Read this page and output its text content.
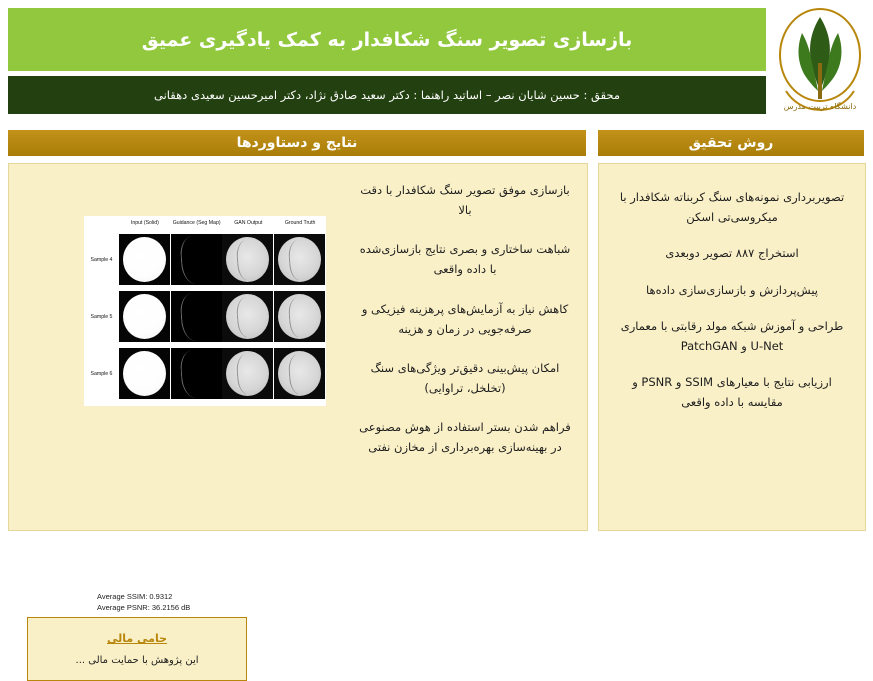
بازسازی تصویر سنگ شکافدار به کمک یادگیری عمیق
محقق : حسین شایان نصر – اساتید راهنما : دکتر سعید صادق نژاد، دکتر امیرحسین سعیدی دهقانی
دانشگاه تربیت مدرس
نتایج و دستاوردها	روش تحقیق
بازسازی موفق تصویر سنگ شکافدار با دقت بالا
شباهت ساختاری و بصری نتایج بازسازی‌شده با داده واقعی
کاهش نیاز به آزمایش‌های پرهزینه فیزیکی و صرفه‌جویی در زمان و هزینه
امکان پیش‌بینی دقیق‌تر ویژگی‌های سنگ (تخلخل، تراوایی)
فراهم شدن بستر استفاده از هوش مصنوعی در بهینه‌سازی بهره‌برداری از مخازن نفتی
Input (Solid)	Guidance (Seg Map)	GAN Output	Ground Truth
Sample 4
Sample 5
Sample 6
Average SSIM: 0.9312
Average PSNR: 36.2156 dB
حامی مالی
این پژوهش با حمایت مالی ...
تصویربرداری نمونه‌های سنگ کربناته شکافدار با میکروسی‌تی اسکن
استخراج ۸۸۷ تصویر دوبعدی
پیش‌پردازش و بازسازی‌سازی داده‌ها
طراحی و آموزش شبکه مولد رقابتی با معماری U-Net و PatchGAN
ارزیابی نتایج با معیارهای SSIM و PSNR و مقایسه با داده واقعی
